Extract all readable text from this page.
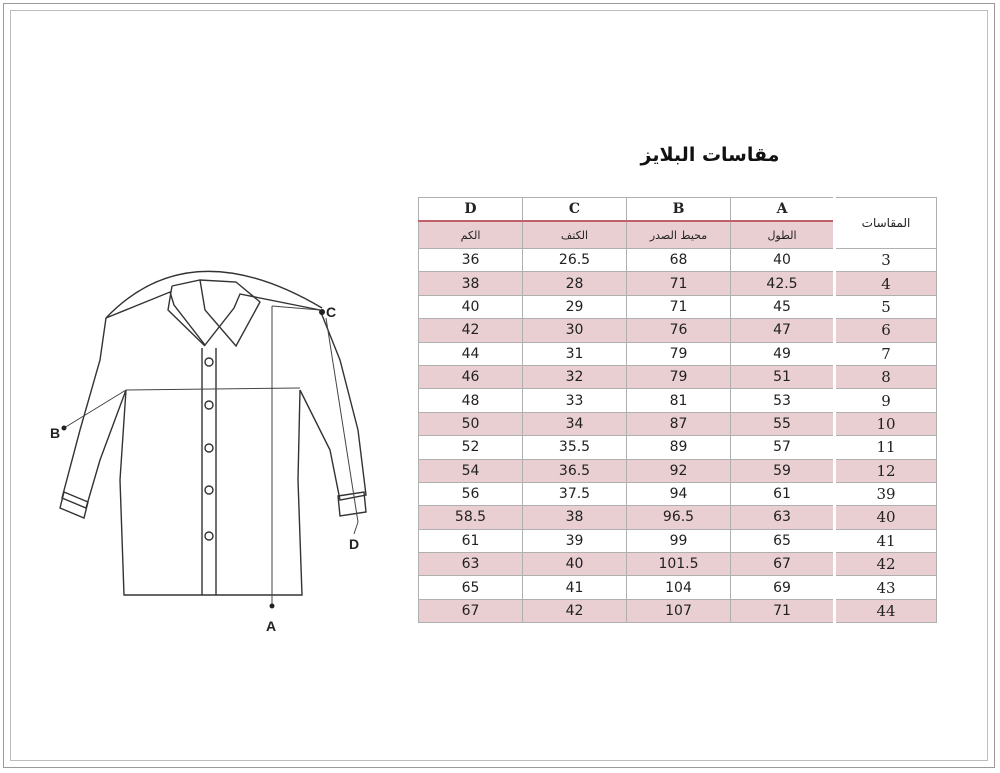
مقاسات البلايز
C
B
A
D
D	C	B	A	المقاسات
الكم	الكتف	محيط الصدر	الطول	
36	26.5	68	40	3
38	28	71	42.5	4
40	29	71	45	5
42	30	76	47	6
44	31	79	49	7
46	32	79	51	8
48	33	81	53	9
50	34	87	55	10
52	35.5	89	57	11
54	36.5	92	59	12
56	37.5	94	61	39
58.5	38	96.5	63	40
61	39	99	65	41
63	40	101.5	67	42
65	41	104	69	43
67	42	107	71	44
